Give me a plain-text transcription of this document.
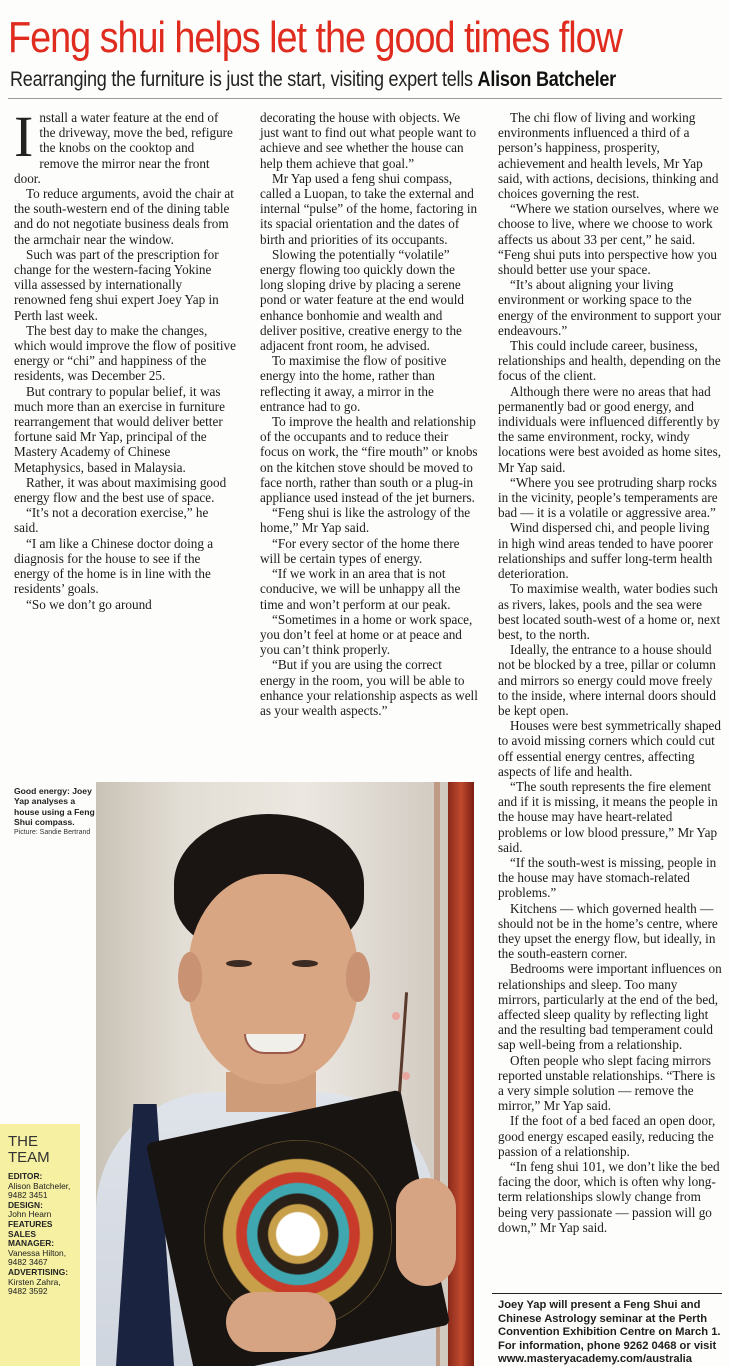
Feng shui helps let the good times flow
Rearranging the furniture is just the start, visiting expert tells Alison Batcheler

Install a water feature at the end of the driveway, move the bed, refigure the knobs on the cooktop and remove the mirror near the front door.

To reduce arguments, avoid the chair at the south-western end of the dining table and do not negotiate business deals from the armchair near the window.

Such was part of the prescription for change for the western-facing Yokine villa assessed by internationally renowned feng shui expert Joey Yap in Perth last week.

The best day to make the changes, which would improve the flow of positive energy or “chi” and happiness of the residents, was December 25.

But contrary to popular belief, it was much more than an exercise in furniture rearrangement that would deliver better fortune said Mr Yap, principal of the Mastery Academy of Chinese Metaphysics, based in Malaysia.

Rather, it was about maximising good energy flow and the best use of space.

“It’s not a decoration exercise,” he said.

“I am like a Chinese doctor doing a diagnosis for the house to see if the energy of the home is in line with the residents’ goals.

“So we don’t go around

decorating the house with objects. We just want to find out what people want to achieve and see whether the house can help them achieve that goal.”

Mr Yap used a feng shui compass, called a Luopan, to take the external and internal “pulse” of the home, factoring in its spacial orientation and the dates of birth and priorities of its occupants.

Slowing the potentially “volatile” energy flowing too quickly down the long sloping drive by placing a serene pond or water feature at the end would enhance bonhomie and wealth and deliver positive, creative energy to the adjacent front room, he advised.

To maximise the flow of positive energy into the home, rather than reflecting it away, a mirror in the entrance had to go.

To improve the health and relationship of the occupants and to reduce their focus on work, the “fire mouth” or knobs on the kitchen stove should be moved to face north, rather than south or a plug-in appliance used instead of the jet burners.

“Feng shui is like the astrology of the home,” Mr Yap said.

“For every sector of the home there will be certain types of energy.

“If we work in an area that is not conducive, we will be unhappy all the time and won’t perform at our peak.

“Sometimes in a home or work space, you don’t feel at home or at peace and you can’t think properly.

“But if you are using the correct energy in the room, you will be able to enhance your relationship aspects as well as your wealth aspects.”

The chi flow of living and working environments influenced a third of a person’s happiness, prosperity, achievement and health levels, Mr Yap said, with actions, decisions, thinking and choices governing the rest.

“Where we station ourselves, where we choose to live, where we choose to work affects us about 33 per cent,” he said. “Feng shui puts into perspective how you should better use your space.

“It’s about aligning your living environment or working space to the energy of the environment to support your endeavours.”

This could include career, business, relationships and health, depending on the focus of the client.

Although there were no areas that had permanently bad or good energy, and individuals were influenced differently by the same environment, rocky, windy locations were best avoided as home sites, Mr Yap said.

“Where you see protruding sharp rocks in the vicinity, people’s temperaments are bad — it is a volatile or aggressive area.”

Wind dispersed chi, and people living in high wind areas tended to have poorer relationships and suffer long-term health deterioration.

To maximise wealth, water bodies such as rivers, lakes, pools and the sea were best located south-west of a home or, next best, to the north.

Ideally, the entrance to a house should not be blocked by a tree, pillar or column and mirrors so energy could move freely to the inside, where internal doors should be kept open.

Houses were best symmetrically shaped to avoid missing corners which could cut off essential energy centres, affecting aspects of life and health.

“The south represents the fire element and if it is missing, it means the people in the house may have heart-related problems or low blood pressure,” Mr Yap said.

“If the south-west is missing, people in the house may have stomach-related problems.”

Kitchens — which governed health — should not be in the home’s centre, where they upset the energy flow, but ideally, in the south-eastern corner.

Bedrooms were important influences on relationships and sleep. Too many mirrors, particularly at the end of the bed, affected sleep quality by reflecting light and the resulting bad temperament could sap well-being from a relationship.

Often people who slept facing mirrors reported unstable relationships. “There is a very simple solution — remove the mirror,” Mr Yap said.

If the foot of a bed faced an open door, good energy escaped easily, reducing the passion of a relationship.

“In feng shui 101, we don’t like the bed facing the door, which is often why long-term relationships slowly change from being very passionate — passion will go down,” Mr Yap said.

Good energy: Joey Yap analyses a house using a Feng Shui compass.
Picture: Sandie Bertrand
THE
TEAM
EDITOR:
Alison Batcheler, 9482 3451
DESIGN:
John Hearn
FEATURES SALES MANAGER:
Vanessa Hilton, 9482 3467
ADVERTISING:
Kirsten Zahra, 9482 3592
Joey Yap will present a Feng Shui and Chinese Astrology seminar at the Perth Convention Exhibition Centre on March 1. For information, phone 9262 0468 or visit www.masteryacademy.com/australia
